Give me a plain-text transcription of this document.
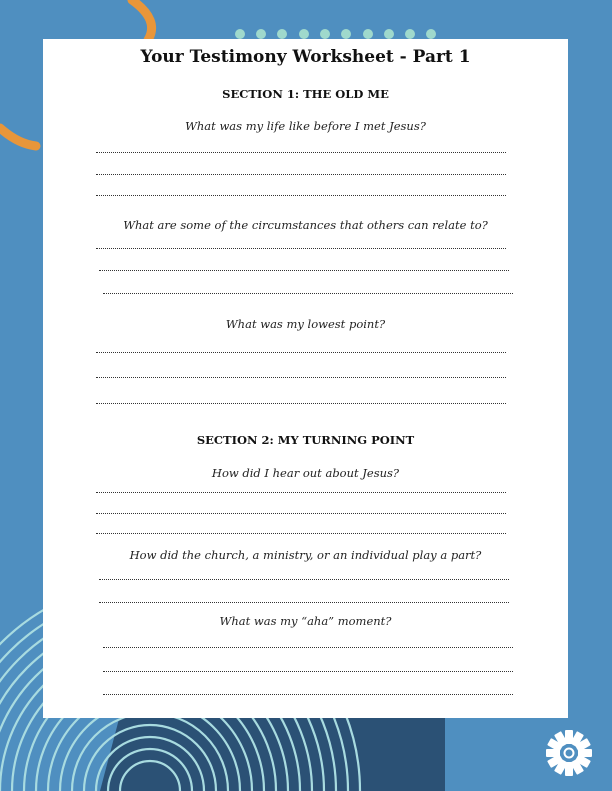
Your Testimony Worksheet - Part 1
SECTION 1: THE OLD ME
What was my life like before I met Jesus?
What are some of the circumstances that others can relate to?
What was my lowest point?
SECTION 2: MY TURNING POINT
How did I hear out about Jesus?
How did the church, a ministry, or an individual play a part?
What was my “aha” moment?
